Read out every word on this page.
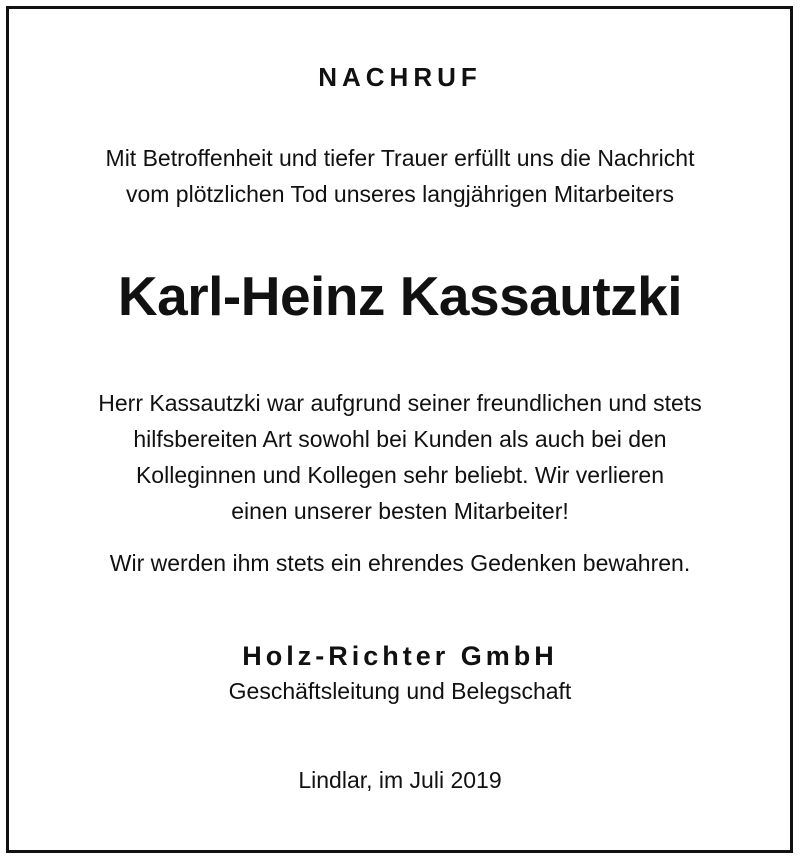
NACHRUF
Mit Betroffenheit und tiefer Trauer erfüllt uns die Nachricht
vom plötzlichen Tod unseres langjährigen Mitarbeiters
Karl-Heinz Kassautzki
Herr Kassautzki war aufgrund seiner freundlichen und stets
hilfsbereiten Art sowohl bei Kunden als auch bei den
Kolleginnen und Kollegen sehr beliebt. Wir verlieren
einen unserer besten Mitarbeiter!
Wir werden ihm stets ein ehrendes Gedenken bewahren.
Holz-Richter GmbH
Geschäftsleitung und Belegschaft
Lindlar, im Juli 2019
